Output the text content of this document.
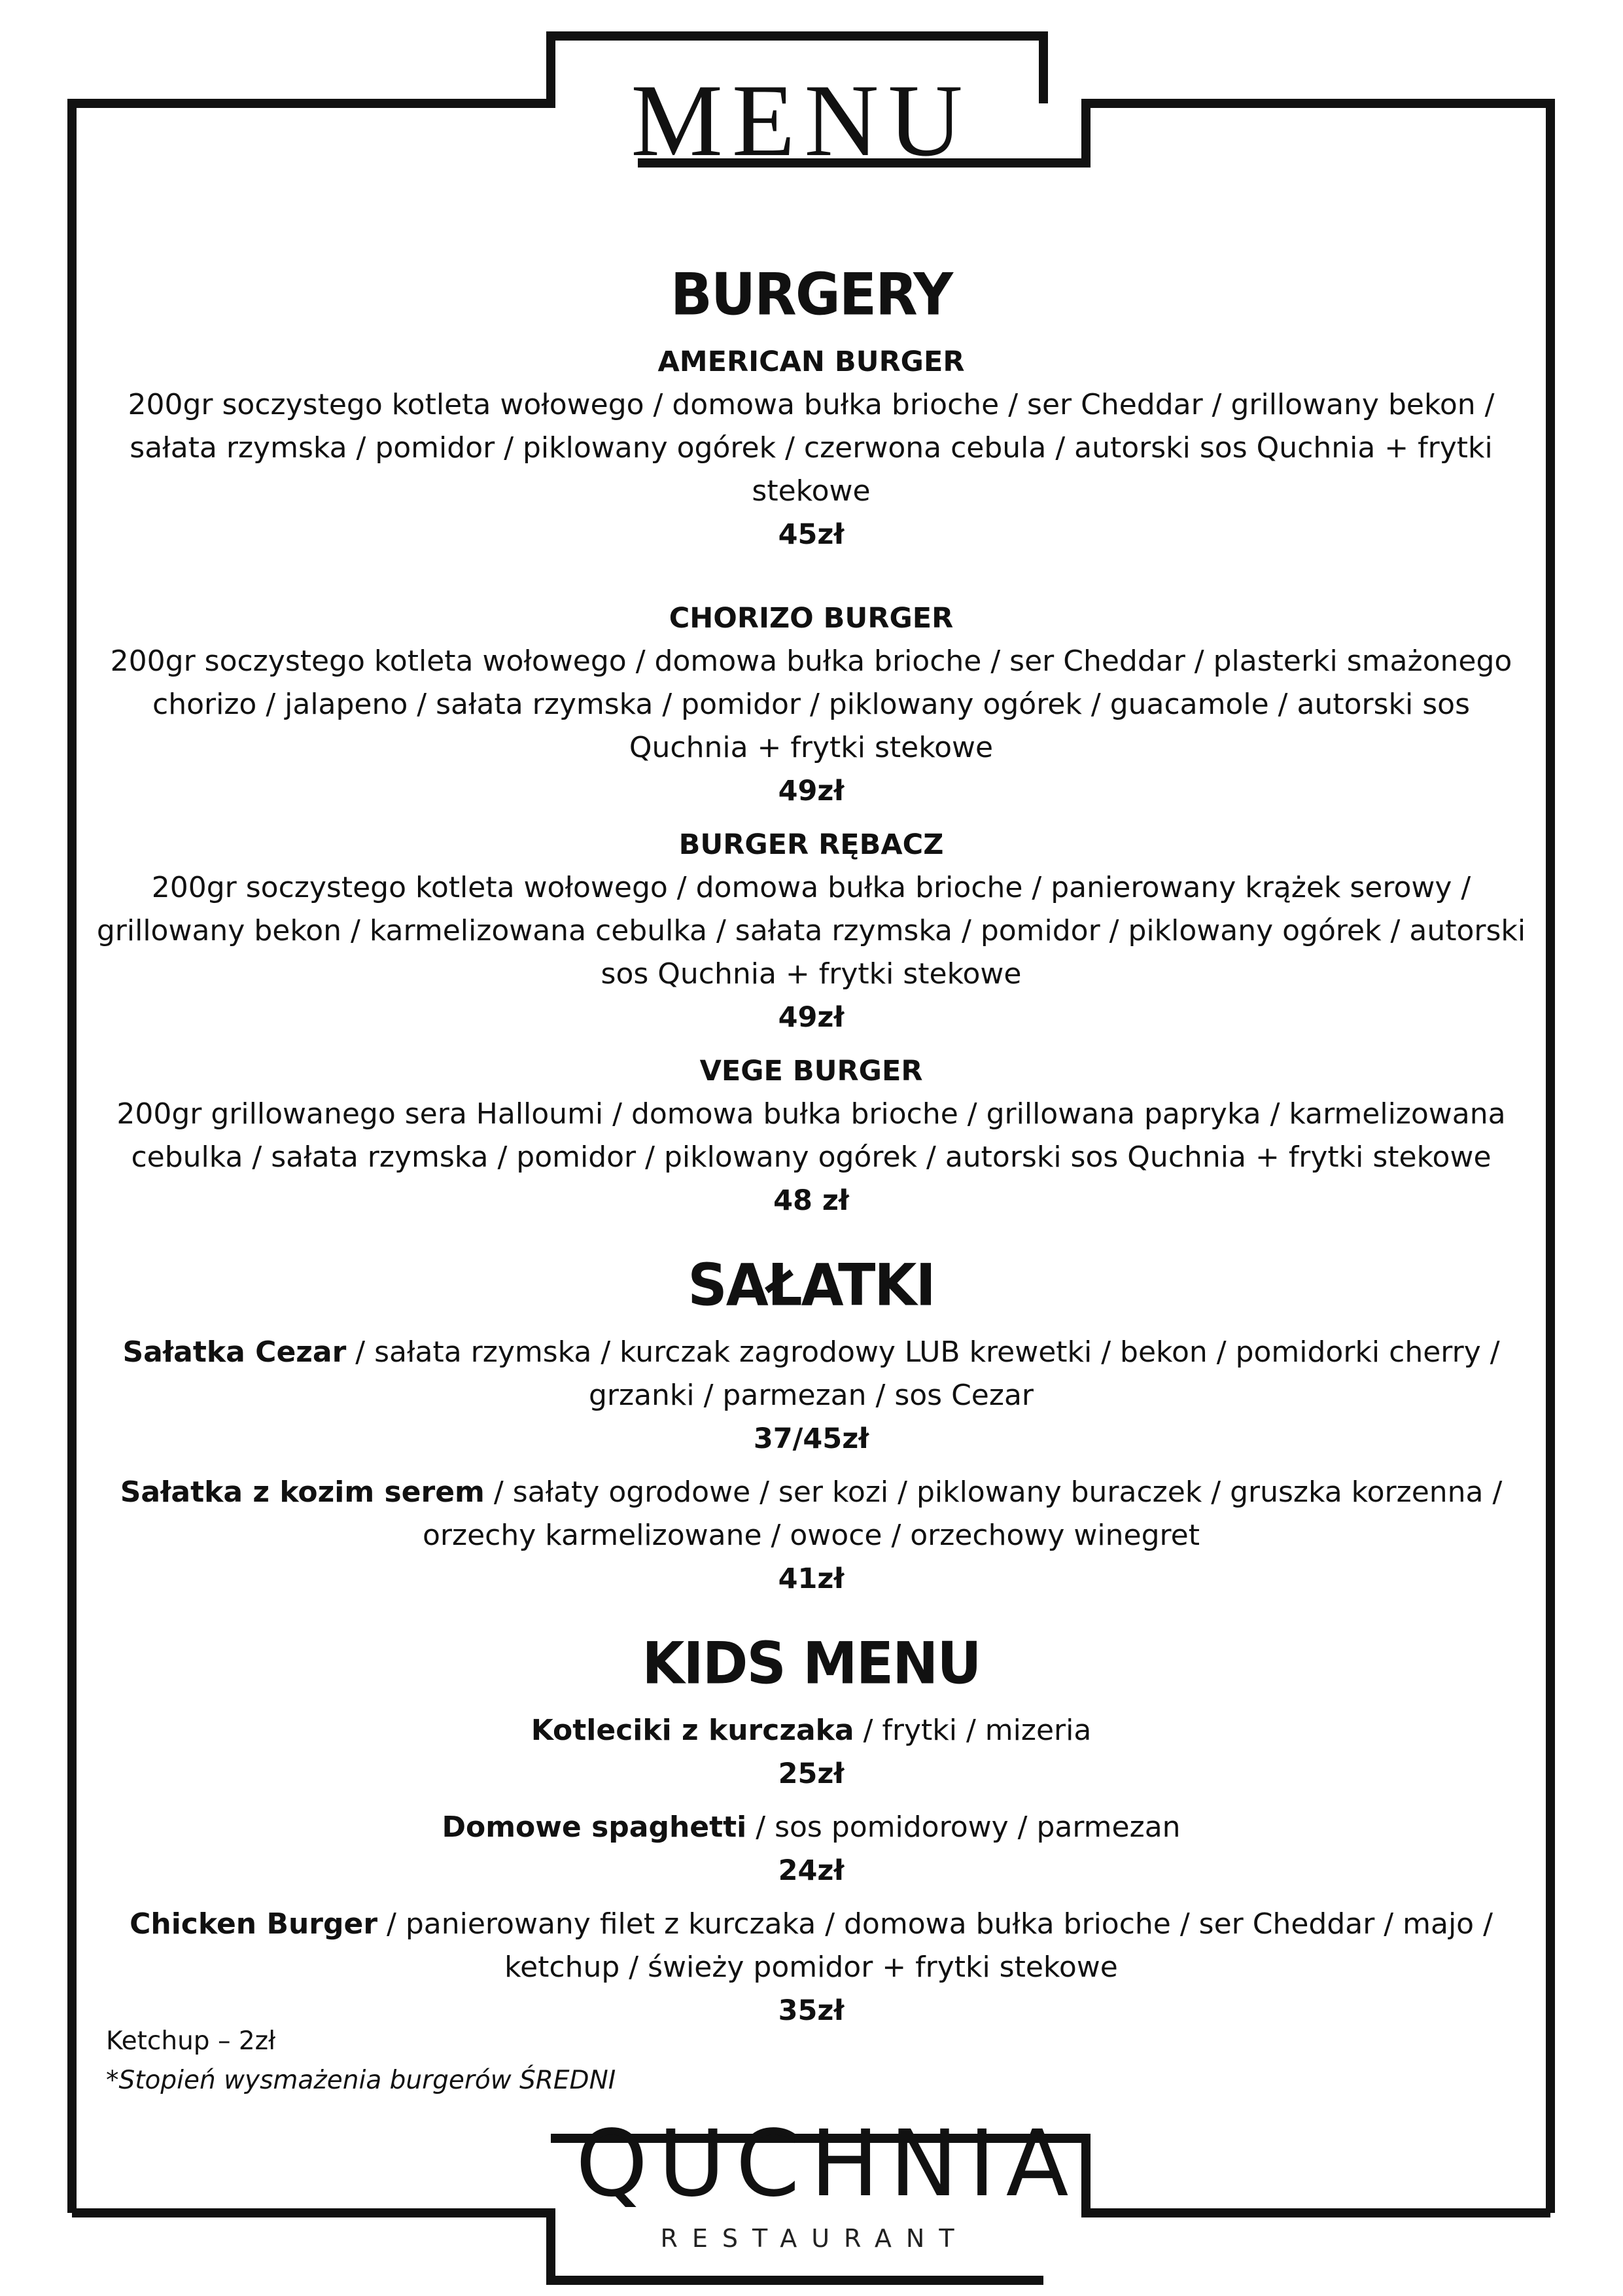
MENU
BURGERY
AMERICAN BURGER
200gr soczystego kotleta wołowego / domowa bułka brioche / ser Cheddar / grillowany bekon / sałata rzymska / pomidor / piklowany ogórek / czerwona cebula / autorski sos Quchnia + frytki stekowe
45zł
CHORIZO BURGER
200gr soczystego kotleta wołowego / domowa bułka brioche / ser Cheddar / plasterki smażonego chorizo / jalapeno / sałata rzymska / pomidor / piklowany ogórek / guacamole / autorski sos Quchnia + frytki stekowe
49zł
BURGER RĘBACZ
200gr soczystego kotleta wołowego / domowa bułka brioche / panierowany krążek serowy / grillowany bekon / karmelizowana cebulka / sałata rzymska / pomidor / piklowany ogórek / autorski sos Quchnia + frytki stekowe
49zł
VEGE BURGER
200gr grillowanego sera Halloumi / domowa bułka brioche / grillowana papryka / karmelizowana cebulka / sałata rzymska / pomidor / piklowany ogórek / autorski sos Quchnia + frytki stekowe
48 zł
SAŁATKI
Sałatka Cezar / sałata rzymska / kurczak zagrodowy LUB krewetki / bekon / pomidorki cherry / grzanki / parmezan / sos Cezar
37/45zł
Sałatka z kozim serem / sałaty ogrodowe / ser kozi / piklowany buraczek / gruszka korzenna / orzechy karmelizowane / owoce / orzechowy winegret
41zł
KIDS MENU
Kotleciki z kurczaka / frytki / mizeria
25zł
Domowe spaghetti / sos pomidorowy / parmezan
24zł
Chicken Burger / panierowany filet z kurczaka / domowa bułka brioche / ser Cheddar / majo / ketchup / świeży pomidor + frytki stekowe
35zł
Ketchup – 2zł
*Stopień wysmażenia burgerów ŚREDNI
QUCHNIA
RESTAURANT
